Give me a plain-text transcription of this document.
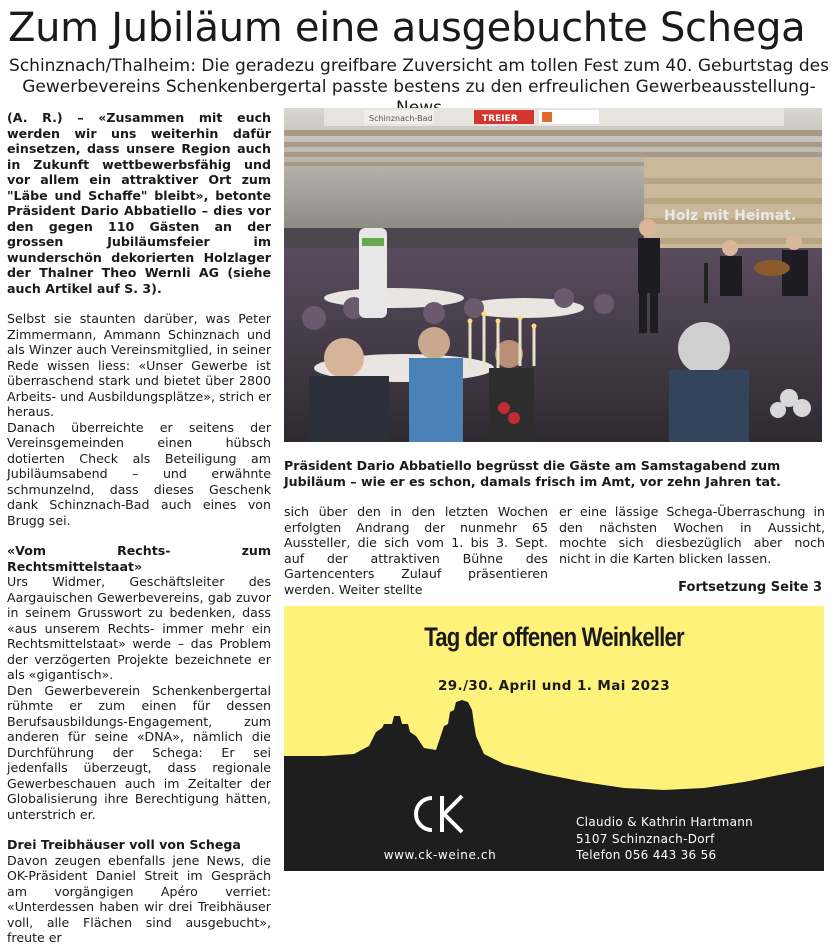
Zum Jubiläum eine ausgebuchte Schega
Schinznach/Thalheim: Die geradezu greifbare Zuversicht am tollen Fest zum 40. Geburtstag des Gewerbevereins Schenkenbergertal passte bestens zu den erfreulichen Gewerbeausstellung-

(A. R.) – «Zusammen mit euch werden wir uns weiterhin dafür einsetzen, dass unsere Region auch in Zukunft wettbewerbsfähig und vor allem ein attraktiver Ort zum "Läbe und Schaffe" bleibt», betonte Präsident Dario Abbatiello – dies vor den gegen 110 Gästen an der grossen Jubiläumsfeier im wunderschön dekorierten Holzlager der Thalner Theo Wernli AG (siehe auch Artikel auf S. 3).

Selbst sie staunten darüber, was Peter Zimmermann, Ammann Schinznach und als Winzer auch Vereinsmitglied, in seiner Rede wissen liess: «Unser Gewerbe ist überraschend stark und bietet über 2800 Arbeits- und Ausbildungsplätze», strich er heraus.

Danach überreichte er seitens der Vereinsgemeinden einen hübsch dotierten Check als Beteiligung am Jubiläumsabend – und erwähnte schmunzelnd, dass dieses Geschenk dank Schinznach-Bad auch eines von Brugg sei.

«Vom Rechts- zum Rechtsmittelstaat»

Urs Widmer, Geschäftsleiter des Aargauischen Gewerbevereins, gab zuvor in seinem Grusswort zu bedenken, dass «aus unserem Rechts- immer mehr ein Rechtsmittelstaat» werde – das Problem der verzögerten Projekte bezeichnete er als «gigantisch».

Den Gewerbeverein Schenkenbergertal rühmte er zum einen für dessen Berufsausbildungs-Engagement, zum anderen für seine «DNA», nämlich die Durchführung der Schega: Er sei jedenfalls überzeugt, dass regionale Gewerbeschauen auch im Zeitalter der Globalisierung ihre Berechtigung hätten, unterstrich er.

Drei Treibhäuser voll von Schega

Davon zeugen ebenfalls jene News, die OK-Präsident Daniel Streit im Gespräch am vorgängigen Apéro verriet: «Unterdessen haben wir drei Treibhäuser voll, alle Flächen sind ausgebucht», freute er

Schinznach-Bad	TREIER
Holz mit Heimat.
Präsident Dario Abbatiello begrüsst die Gäste am Samstagabend zum Jubiläum – wie er es schon, damals frisch im Amt, vor zehn Jahren tat.

sich über den in den letzten Wochen erfolgten Andrang der nunmehr 65 Aussteller, die sich vom 1. bis 3. Sept. auf der attraktiven Bühne des Gartencenters Zulauf präsentieren werden. Weiter stellte

er eine lässige Schega-Überraschung in den nächsten Wochen in Aussicht, mochte sich diesbezüglich aber noch nicht in die Karten blicken lassen.

Fortsetzung Seite 3
Tag der offenen Weinkeller
29./30. April und 1. Mai 2023
www.ck-weine.ch
Claudio & Kathrin Hartmann
5107 Schinznach-Dorf
Telefon 056 443 36 56
